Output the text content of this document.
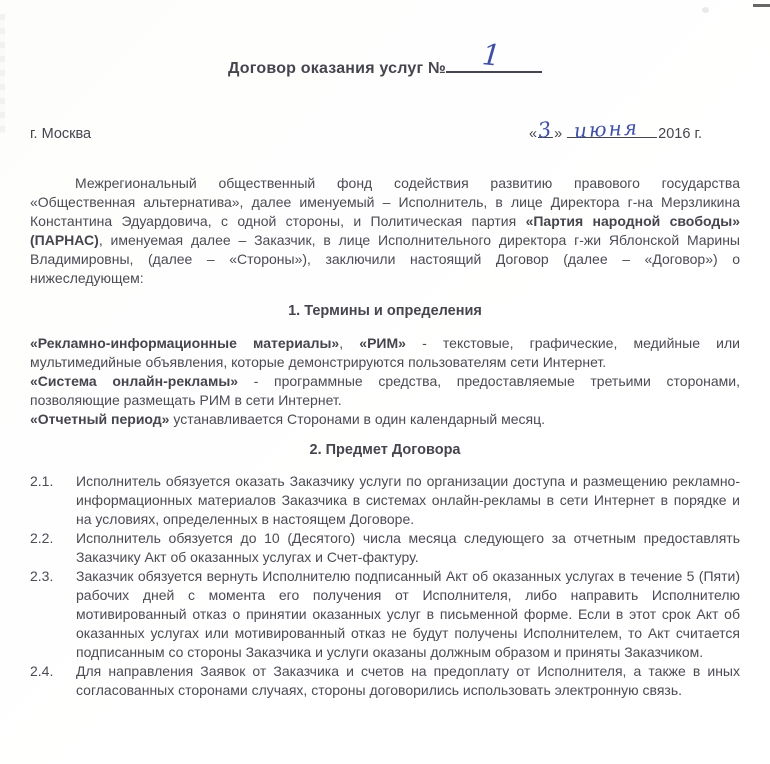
Договор оказания услуг № 1
г. Москва	« 3 » июня 2016 г.

Межрегиональный общественный фонд содействия развитию правового государства «Общественная альтернатива», далее именуемый – Исполнитель, в лице Директора г-на Мерзликина Константина Эдуардовича, с одной стороны, и Политическая партия «Партия народной свободы» (ПАРНАС), именуемая далее – Заказчик, в лице Исполнительного директора г-жи Яблонской Марины Владимировны, (далее – «Стороны»), заключили настоящий Договор (далее – «Договор») о нижеследующем:

1. Термины и определения

«Рекламно-информационные материалы», «РИМ» - текстовые, графические, медийные или мультимедийные объявления, которые демонстрируются пользователям сети Интернет.

«Система онлайн-рекламы» - программные средства, предоставляемые третьими сторонами, позволяющие размещать РИМ в сети Интернет.

«Отчетный период» устанавливается Сторонами в один календарный месяц.

2. Предмет Договора
2.1.	Исполнитель обязуется оказать Заказчику услуги по организации доступа и размещению рекламно-информационных материалов Заказчика в системах онлайн-рекламы в сети Интернет в порядке и на условиях, определенных в настоящем Договоре.
2.2.	Исполнитель обязуется до 10 (Десятого) числа месяца следующего за отчетным предоставлять Заказчику Акт об оказанных услугах и Счет-фактуру.
2.3.	Заказчик обязуется вернуть Исполнителю подписанный Акт об оказанных услугах в течение 5 (Пяти) рабочих дней с момента его получения от Исполнителя, либо направить Исполнителю мотивированный отказ о принятии оказанных услуг в письменной форме. Если в этот срок Акт об оказанных услугах или мотивированный отказ не будут получены Исполнителем, то Акт считается подписанным со стороны Заказчика и услуги оказаны должным образом и приняты Заказчиком.
2.4.	Для направления Заявок от Заказчика и счетов на предоплату от Исполнителя, а также в иных согласованных сторонами случаях, стороны договорились использовать электронную связь.
